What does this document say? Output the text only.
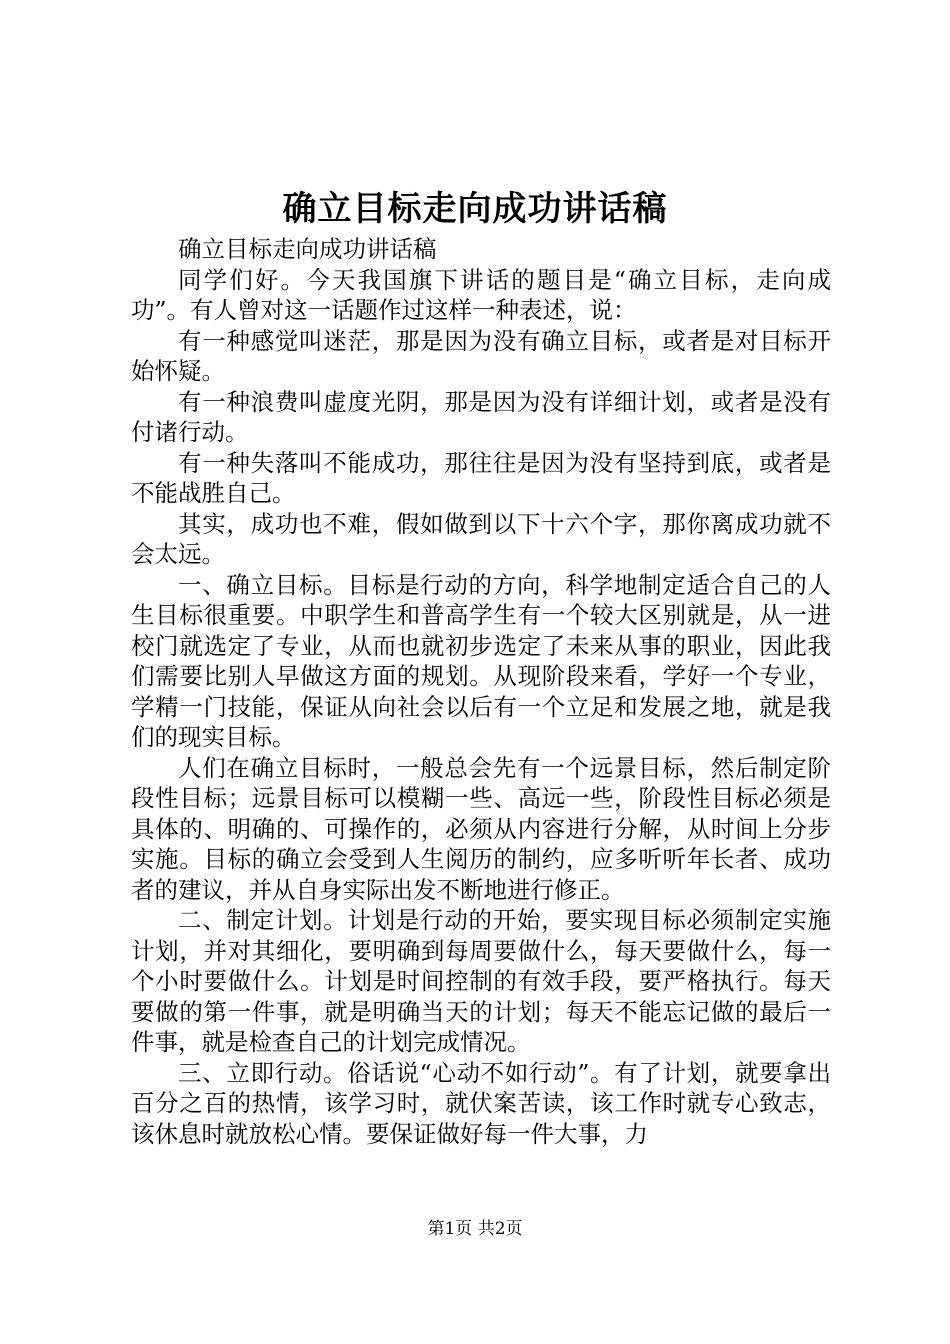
确立目标走向成功讲话稿

确立目标走向成功讲话稿

同学们好。今天我国旗下讲话的题目是“确立目标，走向成功”。有人曾对这一话题作过这样一种表述，说：

有一种感觉叫迷茫，那是因为没有确立目标，或者是对目标开始怀疑。

有一种浪费叫虚度光阴，那是因为没有详细计划，或者是没有付诸行动。

有一种失落叫不能成功，那往往是因为没有坚持到底，或者是不能战胜自己。

其实，成功也不难，假如做到以下十六个字，那你离成功就不会太远。

一、确立目标。目标是行动的方向，科学地制定适合自己的人生目标很重要。中职学生和普高学生有一个较大区别就是，从一进校门就选定了专业，从而也就初步选定了未来从事的职业，因此我们需要比别人早做这方面的规划。从现阶段来看，学好一个专业，学精一门技能，保证从向社会以后有一个立足和发展之地，就是我们的现实目标。

人们在确立目标时，一般总会先有一个远景目标，然后制定阶段性目标；远景目标可以模糊一些、高远一些，阶段性目标必须是具体的、明确的、可操作的，必须从内容进行分解，从时间上分步实施。目标的确立会受到人生阅历的制约，应多听听年长者、成功者的建议，并从自身实际出发不断地进行修正。

二、制定计划。计划是行动的开始，要实现目标必须制定实施计划，并对其细化，要明确到每周要做什么，每天要做什么，每一个小时要做什么。计划是时间控制的有效手段，要严格执行。每天要做的第一件事，就是明确当天的计划；每天不能忘记做的最后一件事，就是检查自己的计划完成情况。

三、立即行动。俗话说“心动不如行动”。有了计划，就要拿出百分之百的热情，该学习时，就伏案苦读，该工作时就专心致志，该休息时就放松心情。要保证做好每一件大事，力

第1页 共2页
